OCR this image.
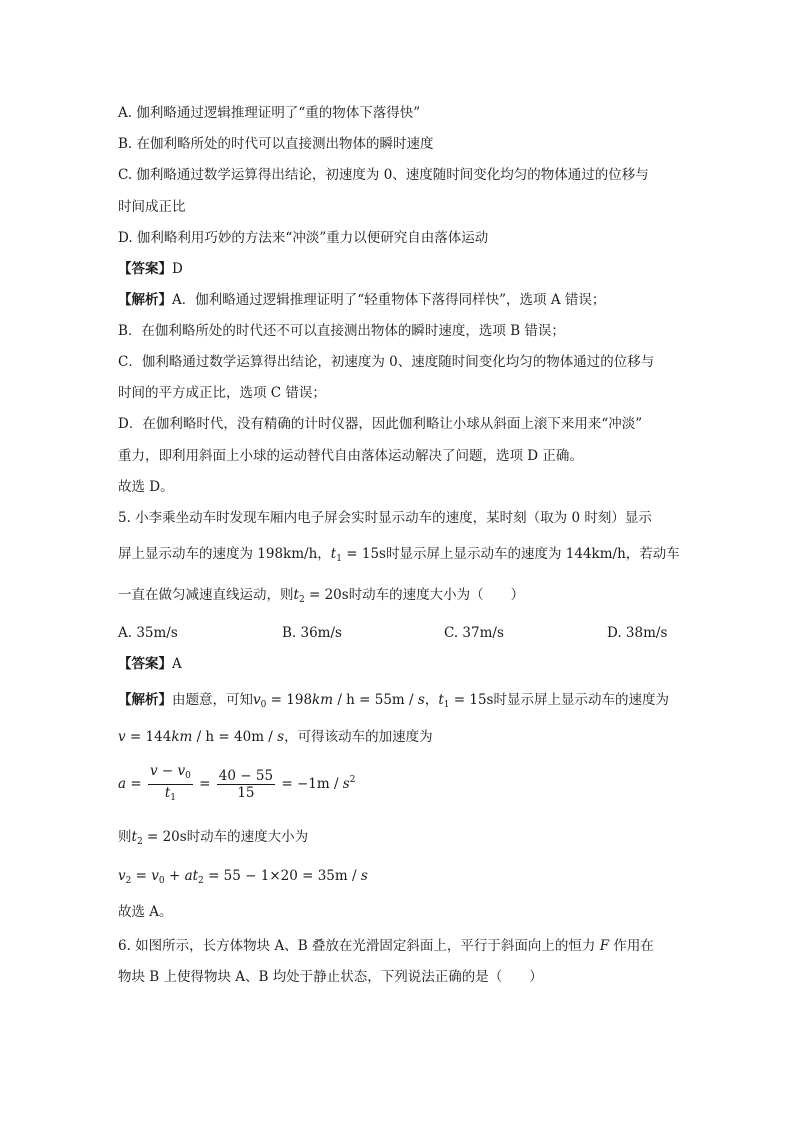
A. 伽利略通过逻辑推理证明了“重的物体下落得快”
B. 在伽利略所处的时代可以直接测出物体的瞬时速度
C. 伽利略通过数学运算得出结论，初速度为 0、速度随时间变化均匀的物体通过的位移与
时间成正比
D. 伽利略利用巧妙的方法来“冲淡”重力以便研究自由落体运动
【答案】D
【解析】A．伽利略通过逻辑推理证明了“轻重物体下落得同样快”，选项 A 错误；
B．在伽利略所处的时代还不可以直接测出物体的瞬时速度，选项 B 错误；
C．伽利略通过数学运算得出结论，初速度为 0、速度随时间变化均匀的物体通过的位移与
时间的平方成正比，选项 C 错误；
D．在伽利略时代，没有精确的计时仪器，因此伽利略让小球从斜面上滚下来用来“冲淡”
重力，即利用斜面上小球的运动替代自由落体运动解决了问题，选项 D 正确。
故选 D。
5. 小李乘坐动车时发现车厢内电子屏会实时显示动车的速度，某时刻（取为 0 时刻）显示
屏上显示动车的速度为 198km/h，$t_1 = 15s$时显示屏上显示动车的速度为 144km/h，若动车
一直在做匀减速直线运动，则$t_2 = 20s$时动车的速度大小为（　　）
A. 35m/s	B. 36m/s	C. 37m/s	D. 38m/s
【答案】A
【解析】由题意，可知$v_0 = 198km / h = 55m / s$，$t_1 = 15s$时显示屏上显示动车的速度为
v = 144km / h = 40m / s，可得该动车的加速度为
$a = \frac{v - v_0}{t_1} = \frac{40 - 55}{15} = -1m / s^2$
则$t_2 = 20s$时动车的速度大小为
$v_2 = v_0 + at_2 = 55 - 1\times 20 = 35m / s$
故选 A。
6. 如图所示，长方体物块 A、B 叠放在光滑固定斜面上，平行于斜面向上的恒力 F 作用在
物块 B 上使得物块 A、B 均处于静止状态，下列说法正确的是（　　）
